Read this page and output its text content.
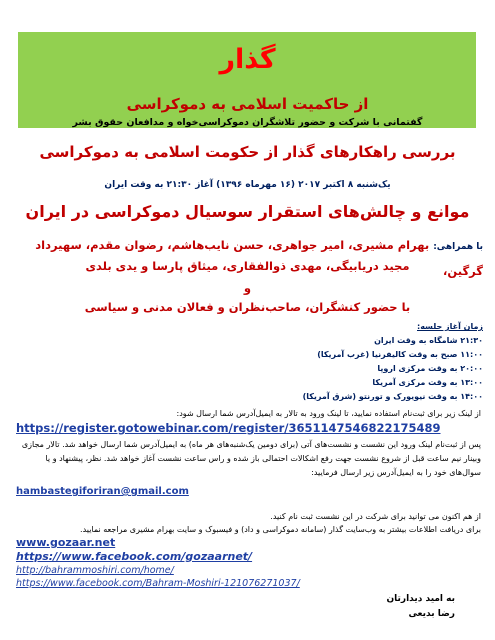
گذار
از حاکمیت اسلامی به دموکراسی
گفتمانی با شرکت و حضور تلاشگران دموکراسی‌خواه و مدافعان حقوق بشر
بررسی راهکارهای گذار از حکومت اسلامی به دموکراسی
یک‌شنبه ۸ اکتبر ۲۰۱۷ (۱۶ مهرماه ۱۳۹۶) آغاز ۲۱:۳۰ به وقت ایران
موانع و چالش‌های استقرار سوسیال دموکراسی در ایران
با همراهی: بهرام مشیری، امیر جواهری، حسن نایب‌هاشم، رضوان مقدم، سهیرداد گرگین،
مجید دریابیگی، مهدی ذوالفقاری، میثاق پارسا و یدی بلدی
و
با حضور کنشگران، صاحب‌نظران و فعالان مدنی و سیاسی
زمان آغاز جلسه:
۲۱:۳۰ شامگاه به وقت ایران
۱۱:۰۰ صبح به وقت کالیفرنیا (غرب آمریکا)
۲۰:۰۰ به وقت مرکزی اروپا
۱۳:۰۰ به وقت مرکزی آمریکا
۱۴:۰۰ به وقت نیویورک و تورنتو (شرق آمریکا)
از لینک زیر برای ثبت‌نام استفاده نمایید، تا لینک ورود به تالار به ایمیل‌آدرس شما ارسال شود:
https://register.gotowebinar.com/register/3651147546822175489
پس از ثبت‌نام لینک ورود این نشست و نشست‌های آتی (برای دومین یک‌شنبه‌های هر ماه) به ایمیل‌آدرس شما ارسال خواهد شد. تالار مجازی وبینار نیم ساعت قبل از شروع نشست جهت رفع اشکالات احتمالی باز شده و راس ساعت نشست آغاز خواهد شد. نظر، پیشنهاد و یا سوال‌های خود را به ایمیل‌آدرس زیر ارسال فرمایید:
hambastegiforiran@gmail.com
از هم اکنون می توانید برای شرکت در این نشست ثبت نام کنید.
برای دریافت اطلاعات بیشتر به وب‌سایت گذار (سامانه دموکراسی و داد) و فیسبوک و سایت بهرام مشیری مراجعه نمایید.
www.gozaar.net
https://www.facebook.com/gozaarnet/
http://bahrammoshiri.com/home/
https://www.facebook.com/Bahram-Moshiri-121076271037/
به امید دیدارتان
رضا بدیعی
